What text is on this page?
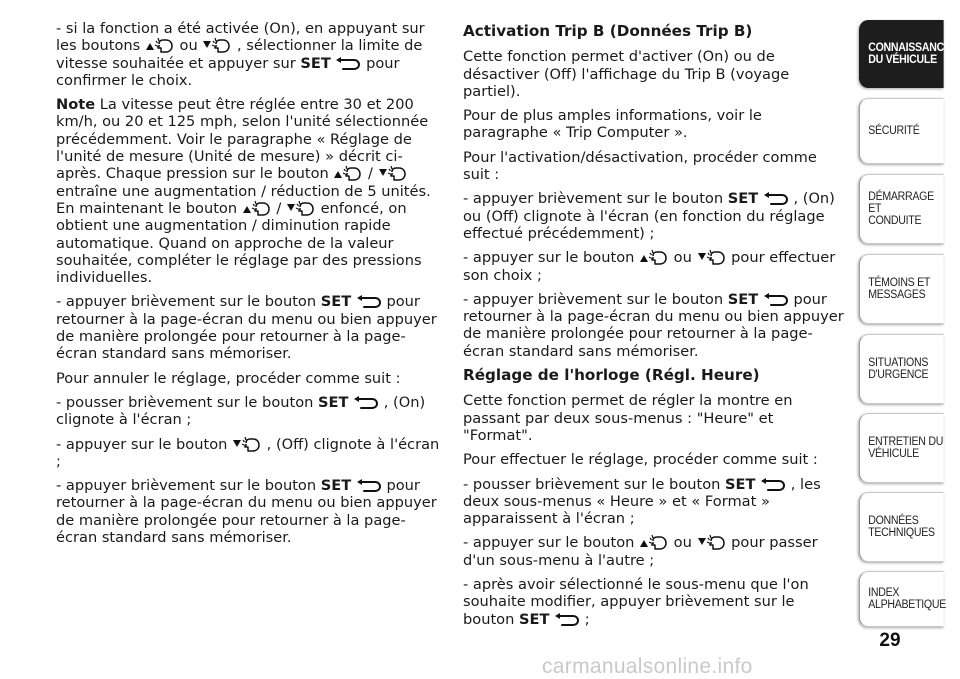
- si la fonction a été activée (On), en appuyant sur les boutons  ou  , sélectionner la limite de vitesse souhaitée et appuyer sur SET  pour confirmer le choix.

Note La vitesse peut être réglée entre 30 et 200 km/h, ou 20 et 125 mph, selon l'unité sélectionnée précédemment. Voir le paragraphe « Réglage de l'unité de mesure (Unité de mesure) » décrit ci-après. Chaque pression sur le bouton  /  entraîne une augmentation / réduction de 5 unités. En maintenant le bouton  /  enfoncé, on obtient une augmentation / diminution rapide automatique. Quand on approche de la valeur souhaitée, compléter le réglage par des pressions individuelles.

- appuyer brièvement sur le bouton SET  pour retourner à la page-écran du menu ou bien appuyer de manière prolongée pour retourner à la page-écran standard sans mémoriser.

Pour annuler le réglage, procéder comme suit :

- pousser brièvement sur le bouton SET  , (On) clignote à l'écran ;

- appuyer sur le bouton  , (Off) clignote à l'écran ;

- appuyer brièvement sur le bouton SET  pour retourner à la page-écran du menu ou bien appuyer de manière prolongée pour retourner à la page-écran standard sans mémoriser.

Activation Trip B (Données Trip B)

Cette fonction permet d'activer (On) ou de désactiver (Off) l'affichage du Trip B (voyage partiel).

Pour de plus amples informations, voir le paragraphe « Trip Computer ».

Pour l'activation/désactivation, procéder comme suit :

- appuyer brièvement sur le bouton SET  , (On) ou (Off) clignote à l'écran (en fonction du réglage effectué précédemment) ;

- appuyer sur le bouton  ou  pour effectuer son choix ;

- appuyer brièvement sur le bouton SET  pour retourner à la page-écran du menu ou bien appuyer de manière prolongée pour retourner à la page-écran standard sans mémoriser.

Réglage de l'horloge (Régl. Heure)

Cette fonction permet de régler la montre en passant par deux sous-menus : "Heure" et "Format".

Pour effectuer le réglage, procéder comme suit :

- pousser brièvement sur le bouton SET  , les deux sous-menus « Heure » et « Format » apparaissent à l'écran ;

- appuyer sur le bouton  ou  pour passer d'un sous-menu à l'autre ;

- après avoir sélectionné le sous-menu que l'on souhaite modifier, appuyer brièvement sur le bouton SET  ;

CONNAISSANCE
DU VÉHICULE
SÉCURITÉ
DÉMARRAGE ET
CONDUITE
TÉMOINS ET
MESSAGES
SITUATIONS
D'URGENCE
ENTRETIEN DU
VÉHICULE
DONNÉES
TECHNIQUES
INDEX
ALPHABETIQUE
29
carmanualsonline.info
